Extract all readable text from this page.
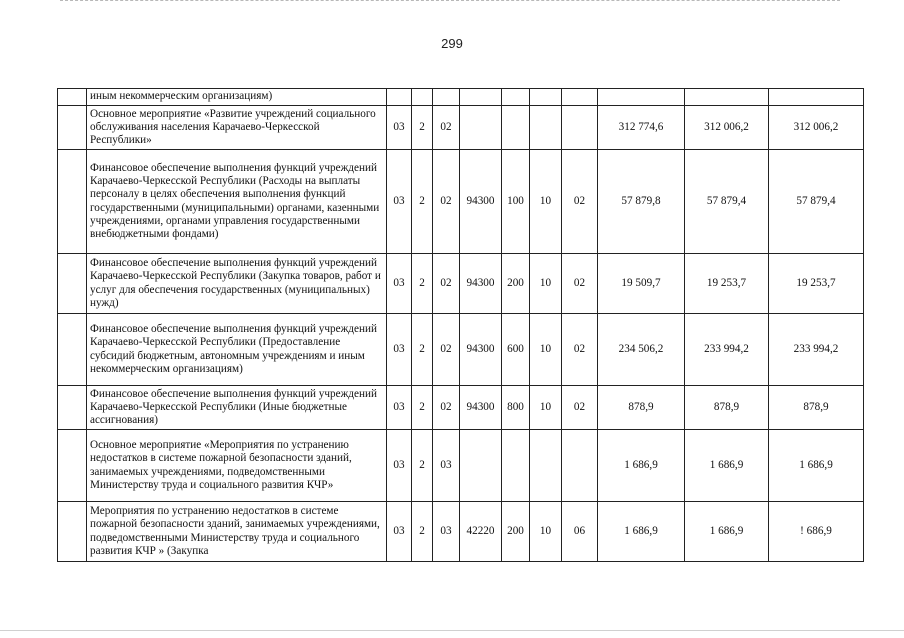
299
	иным некоммерческим организациям)										
	Основное мероприятие «Развитие учреждений социального обслуживания населения Карачаево-Черкесской Республики»	03	2	02					312 774,6	312 006,2	312 006,2
	Финансовое обеспечение выполнения функций учреждений Карачаево-Черкесской Республики (Расходы на выплаты персоналу в целях обеспечения выполнения функций государственными (муниципальными) органами, казенными учреждениями, органами управления государственными внебюджетными фондами)	03	2	02	94300	100	10	02	57 879,8	57 879,4	57 879,4
	Финансовое обеспечение выполнения функций учреждений Карачаево-Черкесской Республики (Закупка товаров, работ и услуг для обеспечения государственных (муниципальных) нужд)	03	2	02	94300	200	10	02	19 509,7	19 253,7	19 253,7
	Финансовое обеспечение выполнения функций учреждений Карачаево-Черкесской Республики (Предоставление субсидий бюджетным, автономным учреждениям и иным некоммерческим организациям)	03	2	02	94300	600	10	02	234 506,2	233 994,2	233 994,2
	Финансовое обеспечение выполнения функций учреждений Карачаево-Черкесской Республики (Иные бюджетные ассигнования)	03	2	02	94300	800	10	02	878,9	878,9	878,9
	Основное мероприятие «Мероприятия по устранению недостатков в системе пожарной безопасности зданий, занимаемых учреждениями, подведомственными Министерству труда и социального развития КЧР»	03	2	03					1 686,9	1 686,9	1 686,9
	Мероприятия по устранению недостатков в системе пожарной безопасности зданий, занимаемых учреждениями, подведомственными Министерству труда и социального развития КЧР » (Закупка	03	2	03	42220	200	10	06	1 686,9	1 686,9	! 686,9
